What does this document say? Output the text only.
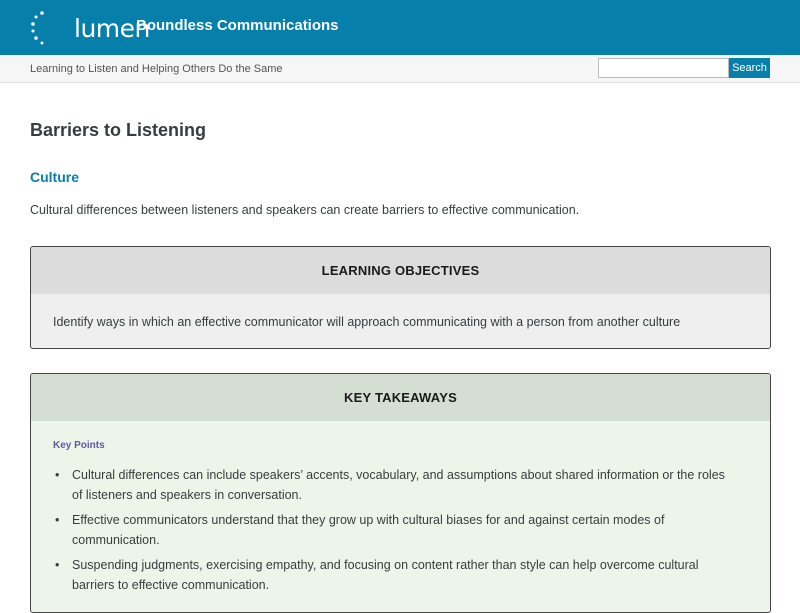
lumen
Boundless Communications
Learning to Listen and Helping Others Do the Same	Search
Barriers to Listening
Culture

Cultural differences between listeners and speakers can create barriers to effective communication.

LEARNING OBJECTIVES
Identify ways in which an effective communicator will approach communicating with a person from another culture
KEY TAKEAWAYS
Key Points
• Cultural differences can include speakers’ accents, vocabulary, and assumptions about shared information or the roles of listeners and speakers in conversation.
• Effective communicators understand that they grow up with cultural biases for and against certain modes of communication.
• Suspending judgments, exercising empathy, and focusing on content rather than style can help overcome cultural barriers to effective communication.
